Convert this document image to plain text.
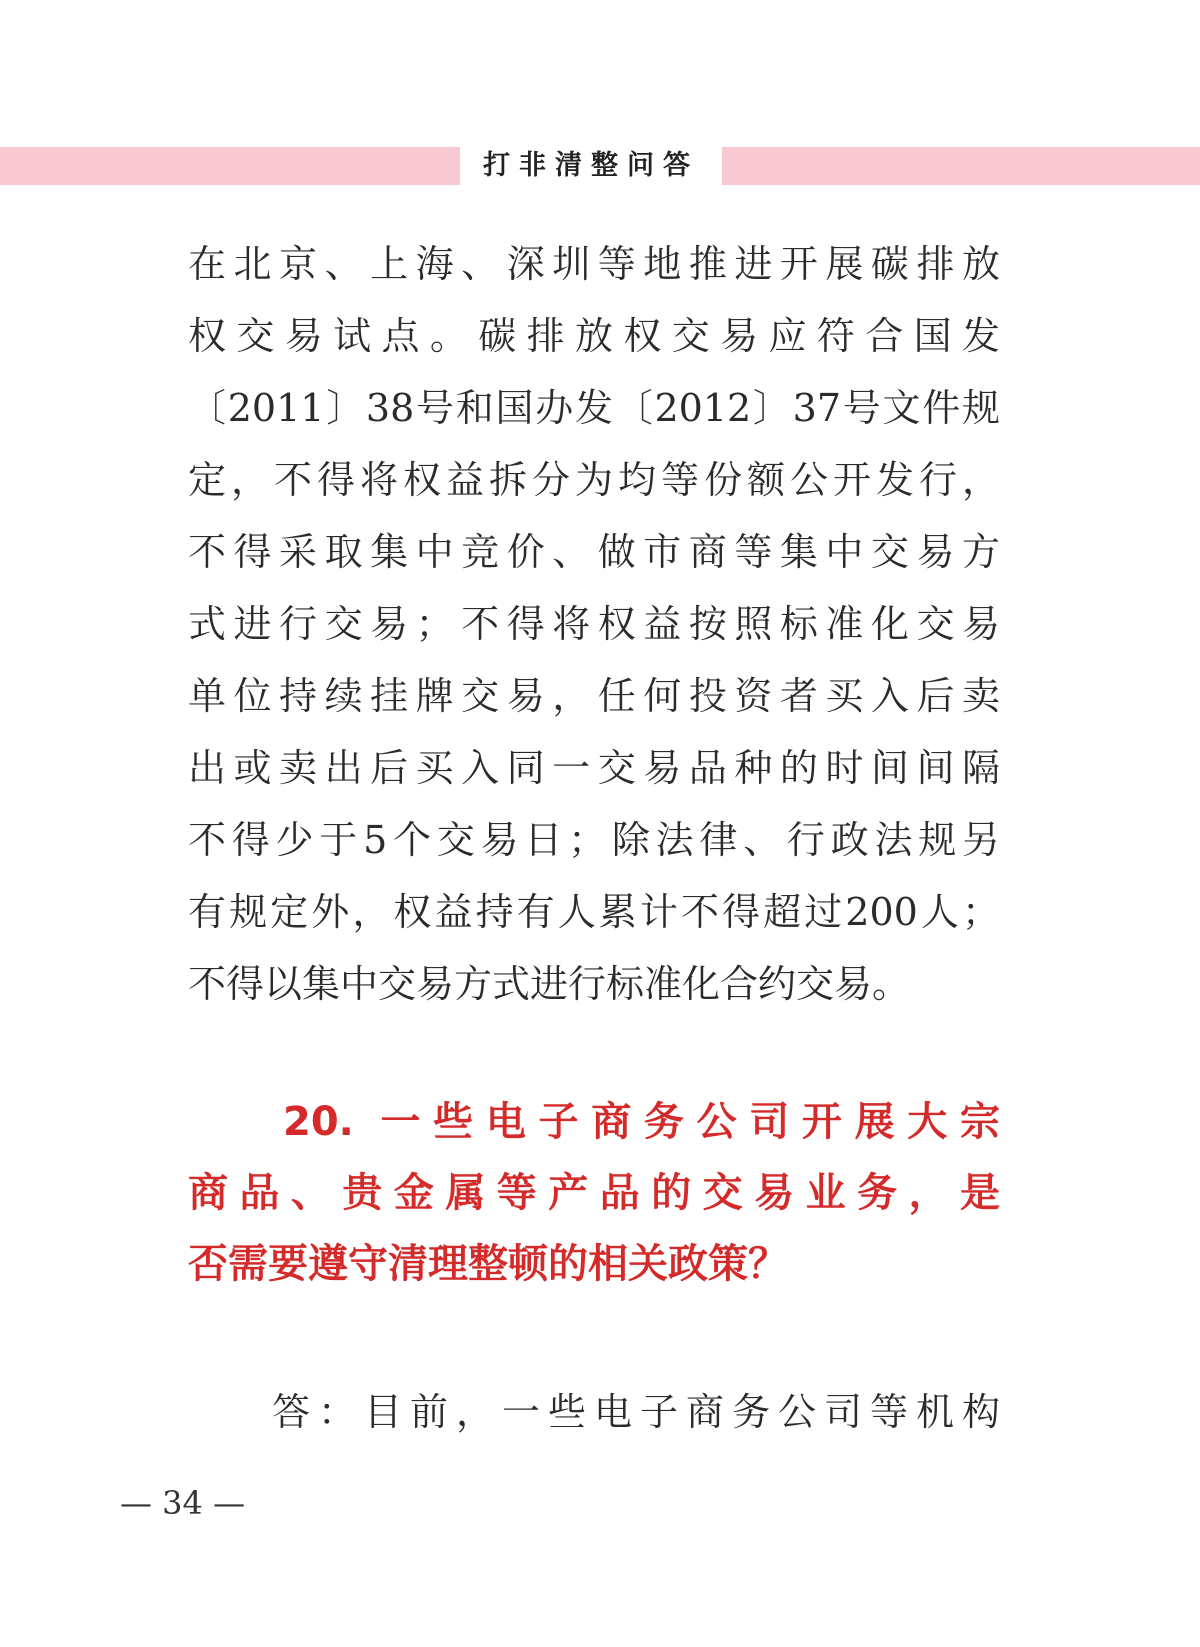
打非清整问答
在北京、上海、深圳等地推进开展碳排放
权交易试点。碳排放权交易应符合国发
〔2011〕38号和国办发〔2012〕37号文件规
定，不得将权益拆分为均等份额公开发行，
不得采取集中竞价、做市商等集中交易方
式进行交易；不得将权益按照标准化交易
单位持续挂牌交易，任何投资者买入后卖
出或卖出后买入同一交易品种的时间间隔
不得少于5个交易日；除法律、行政法规另
有规定外，权益持有人累计不得超过200人；
不得以集中交易方式进行标准化合约交易。
20. 一些电子商务公司开展大宗
商品、贵金属等产品的交易业务，是
否需要遵守清理整顿的相关政策？
答：目前，一些电子商务公司等机构
— 34 —
